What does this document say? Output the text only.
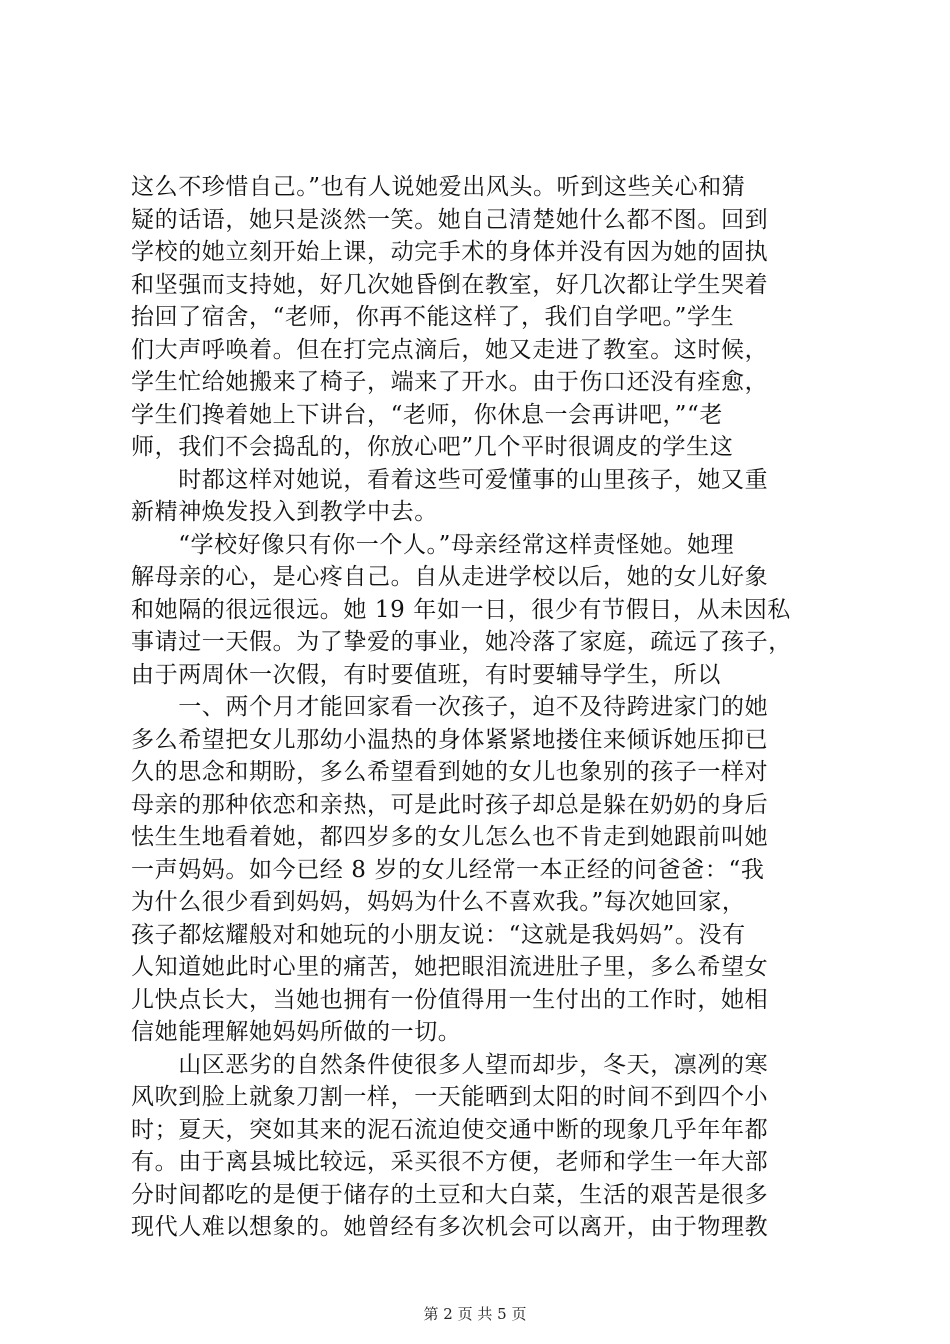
这么不珍惜自己。”也有人说她爱出风头。听到这些关心和猜
疑的话语，她只是淡然一笑。她自己清楚她什么都不图。回到
学校的她立刻开始上课，动完手术的身体并没有因为她的固执
和坚强而支持她，好几次她昏倒在教室，好几次都让学生哭着
抬回了宿舍，“老师，你再不能这样了，我们自学吧。”学生
们大声呼唤着。但在打完点滴后，她又走进了教室。这时候，
学生忙给她搬来了椅子，端来了开水。由于伤口还没有痊愈，
学生们搀着她上下讲台，“老师，你休息一会再讲吧，”“老
师，我们不会捣乱的，你放心吧”几个平时很调皮的学生这
　　时都这样对她说，看着这些可爱懂事的山里孩子，她又重
新精神焕发投入到教学中去。
　　“学校好像只有你一个人。”母亲经常这样责怪她。她理
解母亲的心，是心疼自己。自从走进学校以后，她的女儿好象
和她隔的很远很远。她 19 年如一日，很少有节假日，从未因私
事请过一天假。为了挚爱的事业，她冷落了家庭，疏远了孩子，
由于两周休一次假，有时要值班，有时要辅导学生，所以
　　一、两个月才能回家看一次孩子，迫不及待跨进家门的她
多么希望把女儿那幼小温热的身体紧紧地搂住来倾诉她压抑已
久的思念和期盼，多么希望看到她的女儿也象别的孩子一样对
母亲的那种依恋和亲热，可是此时孩子却总是躲在奶奶的身后
怯生生地看着她，都四岁多的女儿怎么也不肯走到她跟前叫她
一声妈妈。如今已经 8 岁的女儿经常一本正经的问爸爸：“我
为什么很少看到妈妈，妈妈为什么不喜欢我。”每次她回家，
孩子都炫耀般对和她玩的小朋友说：“这就是我妈妈”。没有
人知道她此时心里的痛苦，她把眼泪流进肚子里，多么希望女
儿快点长大，当她也拥有一份值得用一生付出的工作时，她相
信她能理解她妈妈所做的一切。
　　山区恶劣的自然条件使很多人望而却步，冬天，凛冽的寒
风吹到脸上就象刀割一样，一天能晒到太阳的时间不到四个小
时；夏天，突如其来的泥石流迫使交通中断的现象几乎年年都
有。由于离县城比较远，采买很不方便，老师和学生一年大部
分时间都吃的是便于储存的土豆和大白菜，生活的艰苦是很多
现代人难以想象的。她曾经有多次机会可以离开，由于物理教
第 2 页 共 5 页
